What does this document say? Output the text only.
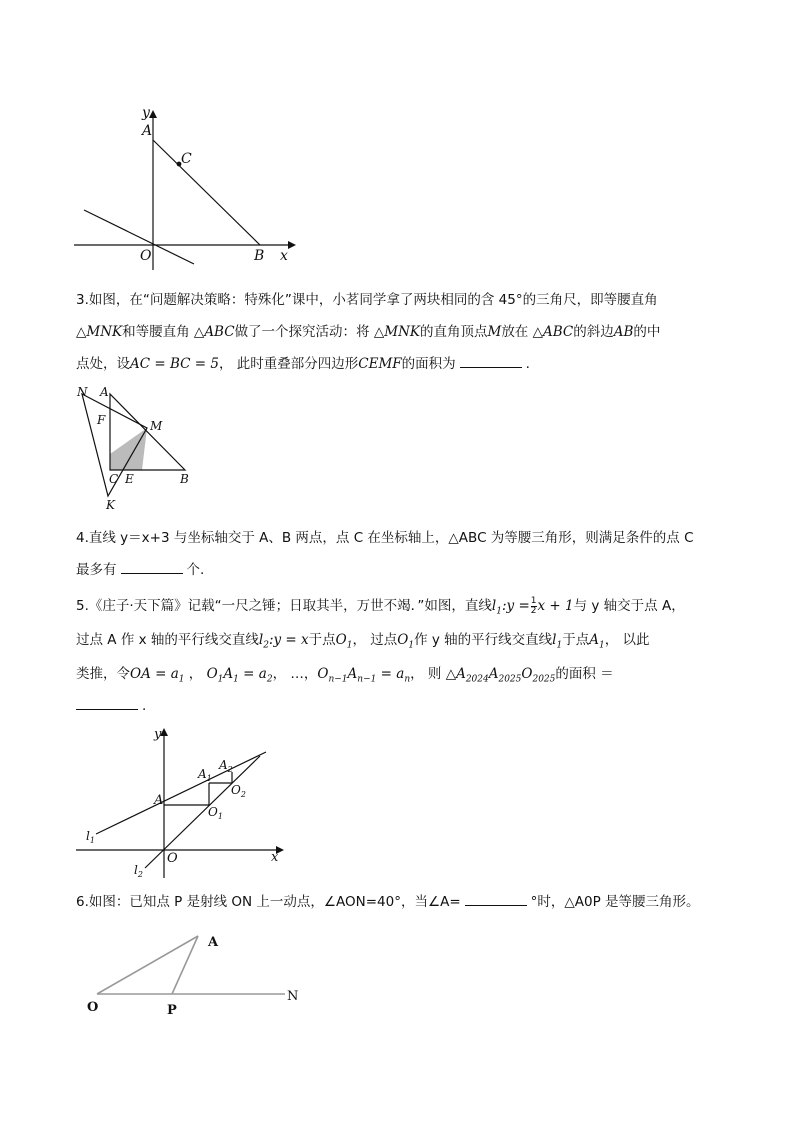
y
A
C
O	B x
3.如图，在“问题解决策略：特殊化”课中，小茗同学拿了两块相同的含 45°的三角尺，即等腰直角
△MNK和等腰直角 △ABC做了一个探究活动：将 △MNK的直角顶点M放在 △ABC的斜边AB的中
点处，设AC = BC = 5， 此时重叠部分四边形CEMF的面积为	.
N A
F	M
C E	B
K
4.直线 y＝x+3 与坐标轴交于 A、B 两点，点 C 在坐标轴上，△ABC 为等腰三角形，则满足条件的点 C
最多有	个.
5.《庄子·天下篇》记载“一尺之锤；日取其半，万世不竭．”如图，直线$l_1:y = \frac{1}{2}$ x + 1与 y 轴交于点 A，
过点 A 作 x 轴的平行线交直线$l_2:y = x$于点$O_1$， 过点$O_1$作 y 轴的平行线交直线$l_1$于点$A_1$， 以此
类推，令OA = $a_1$ ， $O_1A_1 = a_2$， …，$O_{n-1}A_{n-1} = a_n$， 则 $\triangle A_{2024}A_{2025}O_{2025}$的面积 ＝
.
y
$A_2$
$A_1$
$O_2$
A
$O_1$
$l_1$
O	x
$l_2$
6.如图：已知点 P 是射线 ON 上一动点，∠AON=40°，当∠A=	°时，△A0P 是等腰三角形。
A
O	P
N
